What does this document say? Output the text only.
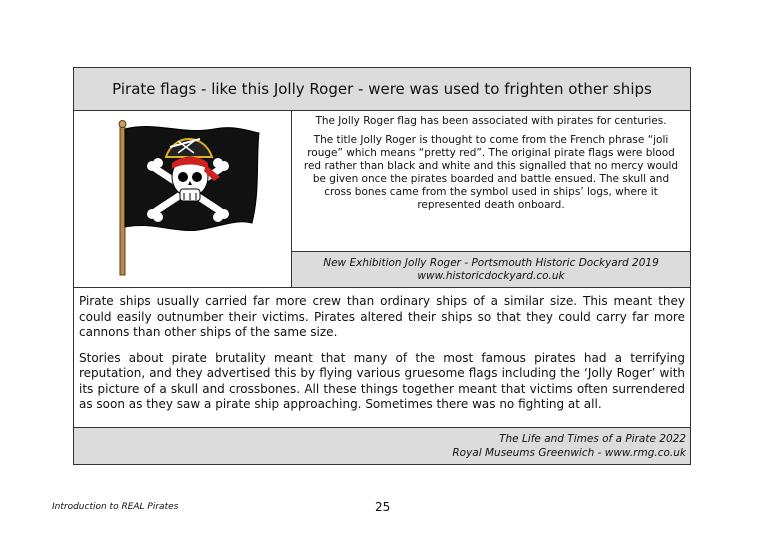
Pirate flags - like this Jolly Roger - were was used to frighten other ships

The Jolly Roger flag has been associated with pirates for centuries.

The title Jolly Roger is thought to come from the French phrase “joli rouge” which means “pretty red”. The original pirate flags were blood red rather than black and white and this signalled that no mercy would be given once the pirates boarded and battle ensued. The skull and cross bones came from the symbol used in ships’ logs, where it represented death onboard.

New Exhibition Jolly Roger - Portsmouth Historic Dockyard 2019
www.historicdockyard.co.uk

Pirate ships usually carried far more crew than ordinary ships of a similar size. This meant they could easily outnumber their victims. Pirates altered their ships so that they could carry far more cannons than other ships of the same size.

Stories about pirate brutality meant that many of the most famous pirates had a terrifying reputation, and they advertised this by flying various gruesome flags including the ‘Jolly Roger’ with its picture of a skull and crossbones. All these things together meant that victims often surrendered as soon as they saw a pirate ship approaching. Sometimes there was no fighting at all.

The Life and Times of a Pirate 2022
Royal Museums Greenwich - www.rmg.co.uk
Introduction to REAL Pirates	25
